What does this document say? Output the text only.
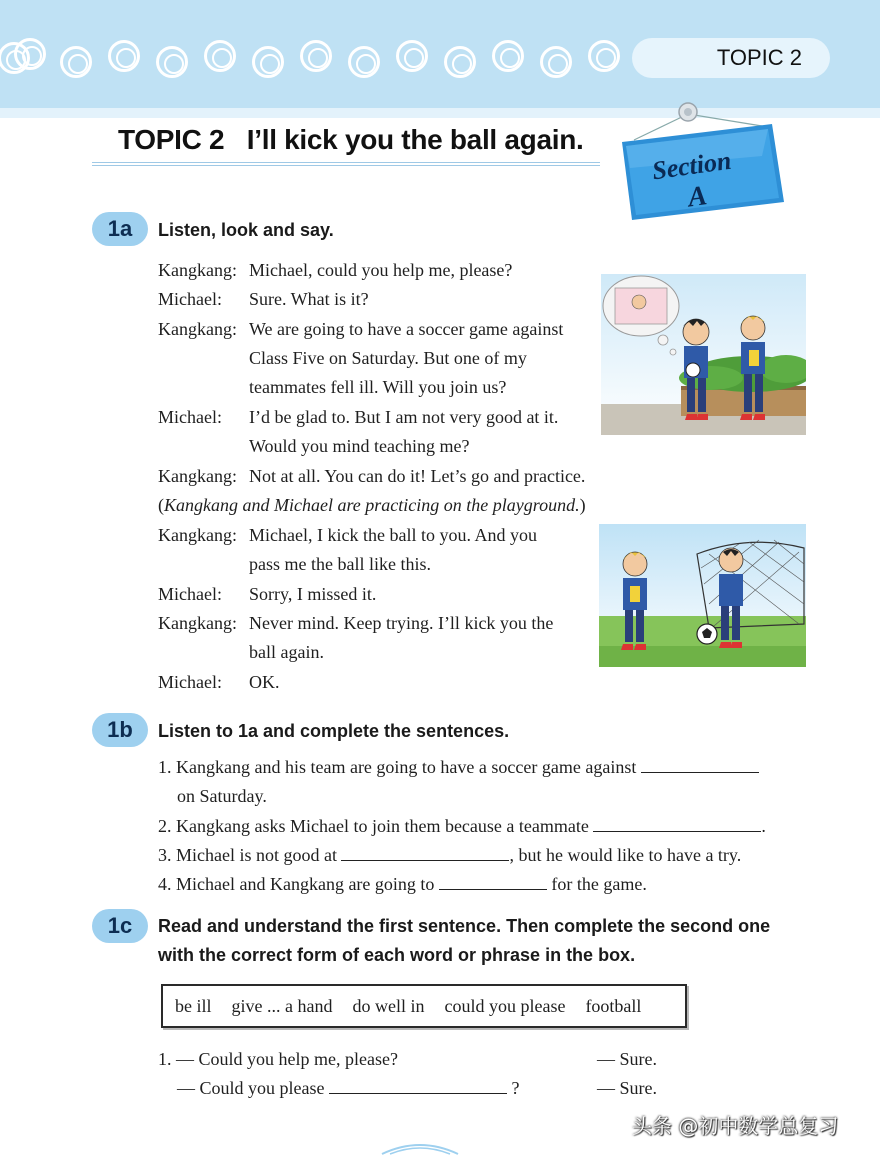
TOPIC 2
TOPIC 2 I’ll kick you the ball again.
Section
A
1a	Listen, look and say.
Kangkang: Michael, could you help me, please?
Michael: Sure. What is it?
Kangkang: We are going to have a soccer game against
Class Five on Saturday. But one of my
teammates fell ill. Will you join us?
Michael: I’d be glad to. But I am not very good at it.
Would you mind teaching me?
Kangkang: Not at all. You can do it! Let’s go and practice.
(Kangkang and Michael are practicing on the playground.)
Kangkang: Michael, I kick the ball to you. And you
pass me the ball like this.
Michael: Sorry, I missed it.
Kangkang: Never mind. Keep trying. I’ll kick you the
ball again.
Michael: OK.
1b	Listen to 1a and complete the sentences.
1. Kangkang and his team are going to have a soccer game against
on Saturday.
2. Kangkang asks Michael to join them because a teammate	.
3. Michael is not good at	, but he would like to have a try.
4. Michael and Kangkang are going to	for the game.
1c	Read and understand the first sentence. Then complete the second one
with the correct form of each word or phrase in the box.
be ill give ... a hand do well in could you please football
1. — Could you help me, please?	— Sure.
— Could you please	?	— Sure.
头条 @初中数学总复习
